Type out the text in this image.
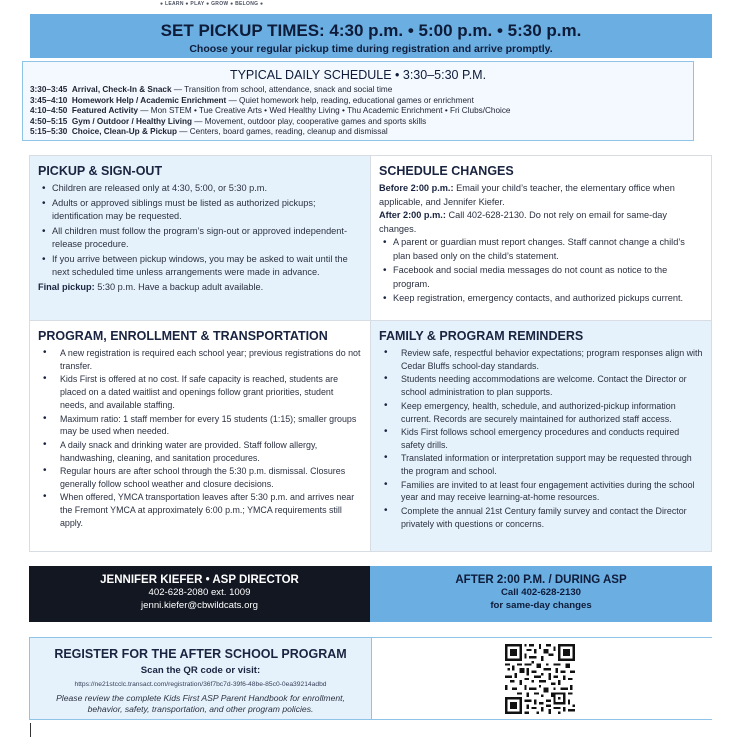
● LEARN ● PLAY ● GROW ● BELONG ●
SET PICKUP TIMES: 4:30 p.m. • 5:00 p.m. • 5:30 p.m.
Choose your regular pickup time during registration and arrive promptly.
TYPICAL DAILY SCHEDULE • 3:30–5:30 P.M.
3:30–3:45 Arrival, Check-In & Snack — Transition from school, attendance, snack and social time
3:45–4:10 Homework Help / Academic Enrichment — Quiet homework help, reading, educational games or enrichment
4:10–4:50 Featured Activity — Mon STEM • Tue Creative Arts • Wed Healthy Living • Thu Academic Enrichment • Fri Clubs/Choice
4:50–5:15 Gym / Outdoor / Healthy Living — Movement, outdoor play, cooperative games and sports skills
5:15–5:30 Choice, Clean-Up & Pickup — Centers, board games, reading, cleanup and dismissal
PICKUP & SIGN-OUT
• Children are released only at 4:30, 5:00, or 5:30 p.m.
• Adults or approved siblings must be listed as authorized pickups; identification may be requested.
• All children must follow the program’s sign-out or approved independent-release procedure.
• If you arrive between pickup windows, you may be asked to wait until the next scheduled time unless arrangements were made in advance.
Final pickup: 5:30 p.m. Have a backup adult available.
SCHEDULE CHANGES
Before 2:00 p.m.: Email your child’s teacher, the elementary office when applicable, and Jennifer Kiefer.
After 2:00 p.m.: Call 402-628-2130. Do not rely on email for same-day changes.
• A parent or guardian must report changes. Staff cannot change a child’s plan based only on the child’s statement.
• Facebook and social media messages do not count as notice to the program.
• Keep registration, emergency contacts, and authorized pickups current.
PROGRAM, ENROLLMENT & TRANSPORTATION
• A new registration is required each school year; previous registrations do not transfer.
• Kids First is offered at no cost. If safe capacity is reached, students are placed on a dated waitlist and openings follow grant priorities, student needs, and available staffing.
• Maximum ratio: 1 staff member for every 15 students (1:15); smaller groups may be used when needed.
• A daily snack and drinking water are provided. Staff follow allergy, handwashing, cleaning, and sanitation procedures.
• Regular hours are after school through the 5:30 p.m. dismissal. Closures generally follow school weather and closure decisions.
• When offered, YMCA transportation leaves after 5:30 p.m. and arrives near the Fremont YMCA at approximately 6:00 p.m.; YMCA requirements still apply.
FAMILY & PROGRAM REMINDERS
• Review safe, respectful behavior expectations; program responses align with Cedar Bluffs school-day standards.
• Students needing accommodations are welcome. Contact the Director or school administration to plan supports.
• Keep emergency, health, schedule, and authorized-pickup information current. Records are securely maintained for authorized staff access.
• Kids First follows school emergency procedures and conducts required safety drills.
• Translated information or interpretation support may be requested through the program and school.
• Families are invited to at least four engagement activities during the school year and may receive learning-at-home resources.
• Complete the annual 21st Century family survey and contact the Director privately with questions or concerns.
JENNIFER KIEFER • ASP DIRECTOR
402-628-2080 ext. 1009
jenni.kiefer@cbwildcats.org
AFTER 2:00 P.M. / DURING ASP
Call 402-628-2130
for same-day changes
REGISTER FOR THE AFTER SCHOOL PROGRAM
Scan the QR code or visit:
https://ne21stcclc.transact.com/registration/36f7bc7d-39f6-48be-85c0-0ea39214adbd
Please review the complete Kids First ASP Parent Handbook for enrollment, behavior, safety, transportation, and other program policies.
